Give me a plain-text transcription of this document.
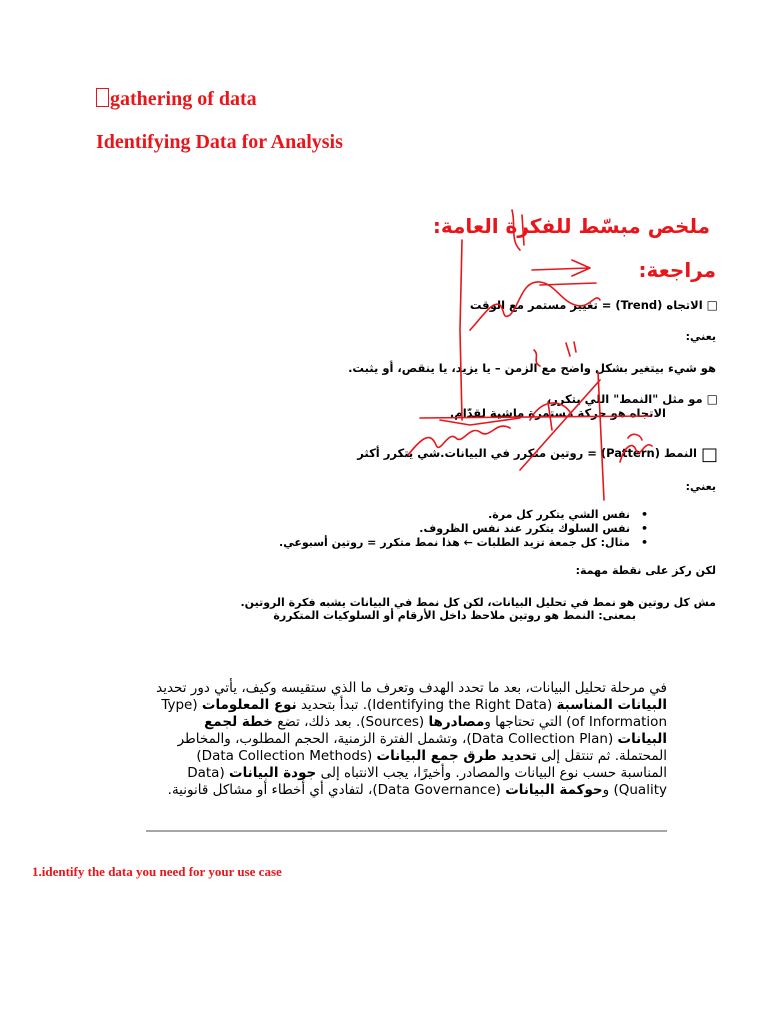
gathering of data
Identifying Data for Analysis
ملخص مبسّط للفكرة العامة:
مراجعة:
□ الاتجاه (Trend) = تغيير مستمر مع الوقت
يعني:
هو شيء بيتغير بشكل واضح مع الزمن – يا يزيد، يا ينقص، أو يثبت.
□ مو مثل "النمط" اللي يتكرر،
الاتجاه هو حركة مستمرة ماشية لقدّام.
□ النمط (Pattern) = روتين متكرر في البيانات.شي يتكرر أكثر
يعني:
نفس الشي يتكرر كل مرة. •
نفس السلوك يتكرر عند نفس الظروف. •
مثال: كل جمعة تزيد الطلبات ← هذا نمط متكرر = روتين أسبوعي. •
لكن ركز على نقطة مهمة:
مش كل روتين هو نمط في تحليل البيانات، لكن كل نمط في البيانات يشبه فكرة الروتين.
بمعنى: النمط هو روتين ملاحظ داخل الأرقام أو السلوكيات المتكررة
في مرحلة تحليل البيانات، بعد ما تحدد الهدف وتعرف ما الذي ستقيسه وكيف، يأتي دور تحديد البيانات المناسبة (Identifying the Right Data). تبدأ بتحديد نوع المعلومات (Type of Information) التي تحتاجها ومصادرها (Sources). بعد ذلك، تضع خطة لجمع البيانات (Data Collection Plan)، وتشمل الفترة الزمنية، الحجم المطلوب، والمخاطر المحتملة. ثم تنتقل إلى تحديد طرق جمع البيانات (Data Collection Methods) المناسبة حسب نوع البيانات والمصادر. وأخيرًا، يجب الانتباه إلى جودة البيانات (Data Quality) وحوكمة البيانات (Data Governance)، لتفادي أي أخطاء أو مشاكل قانونية.
1.identify the data you need for your use case
